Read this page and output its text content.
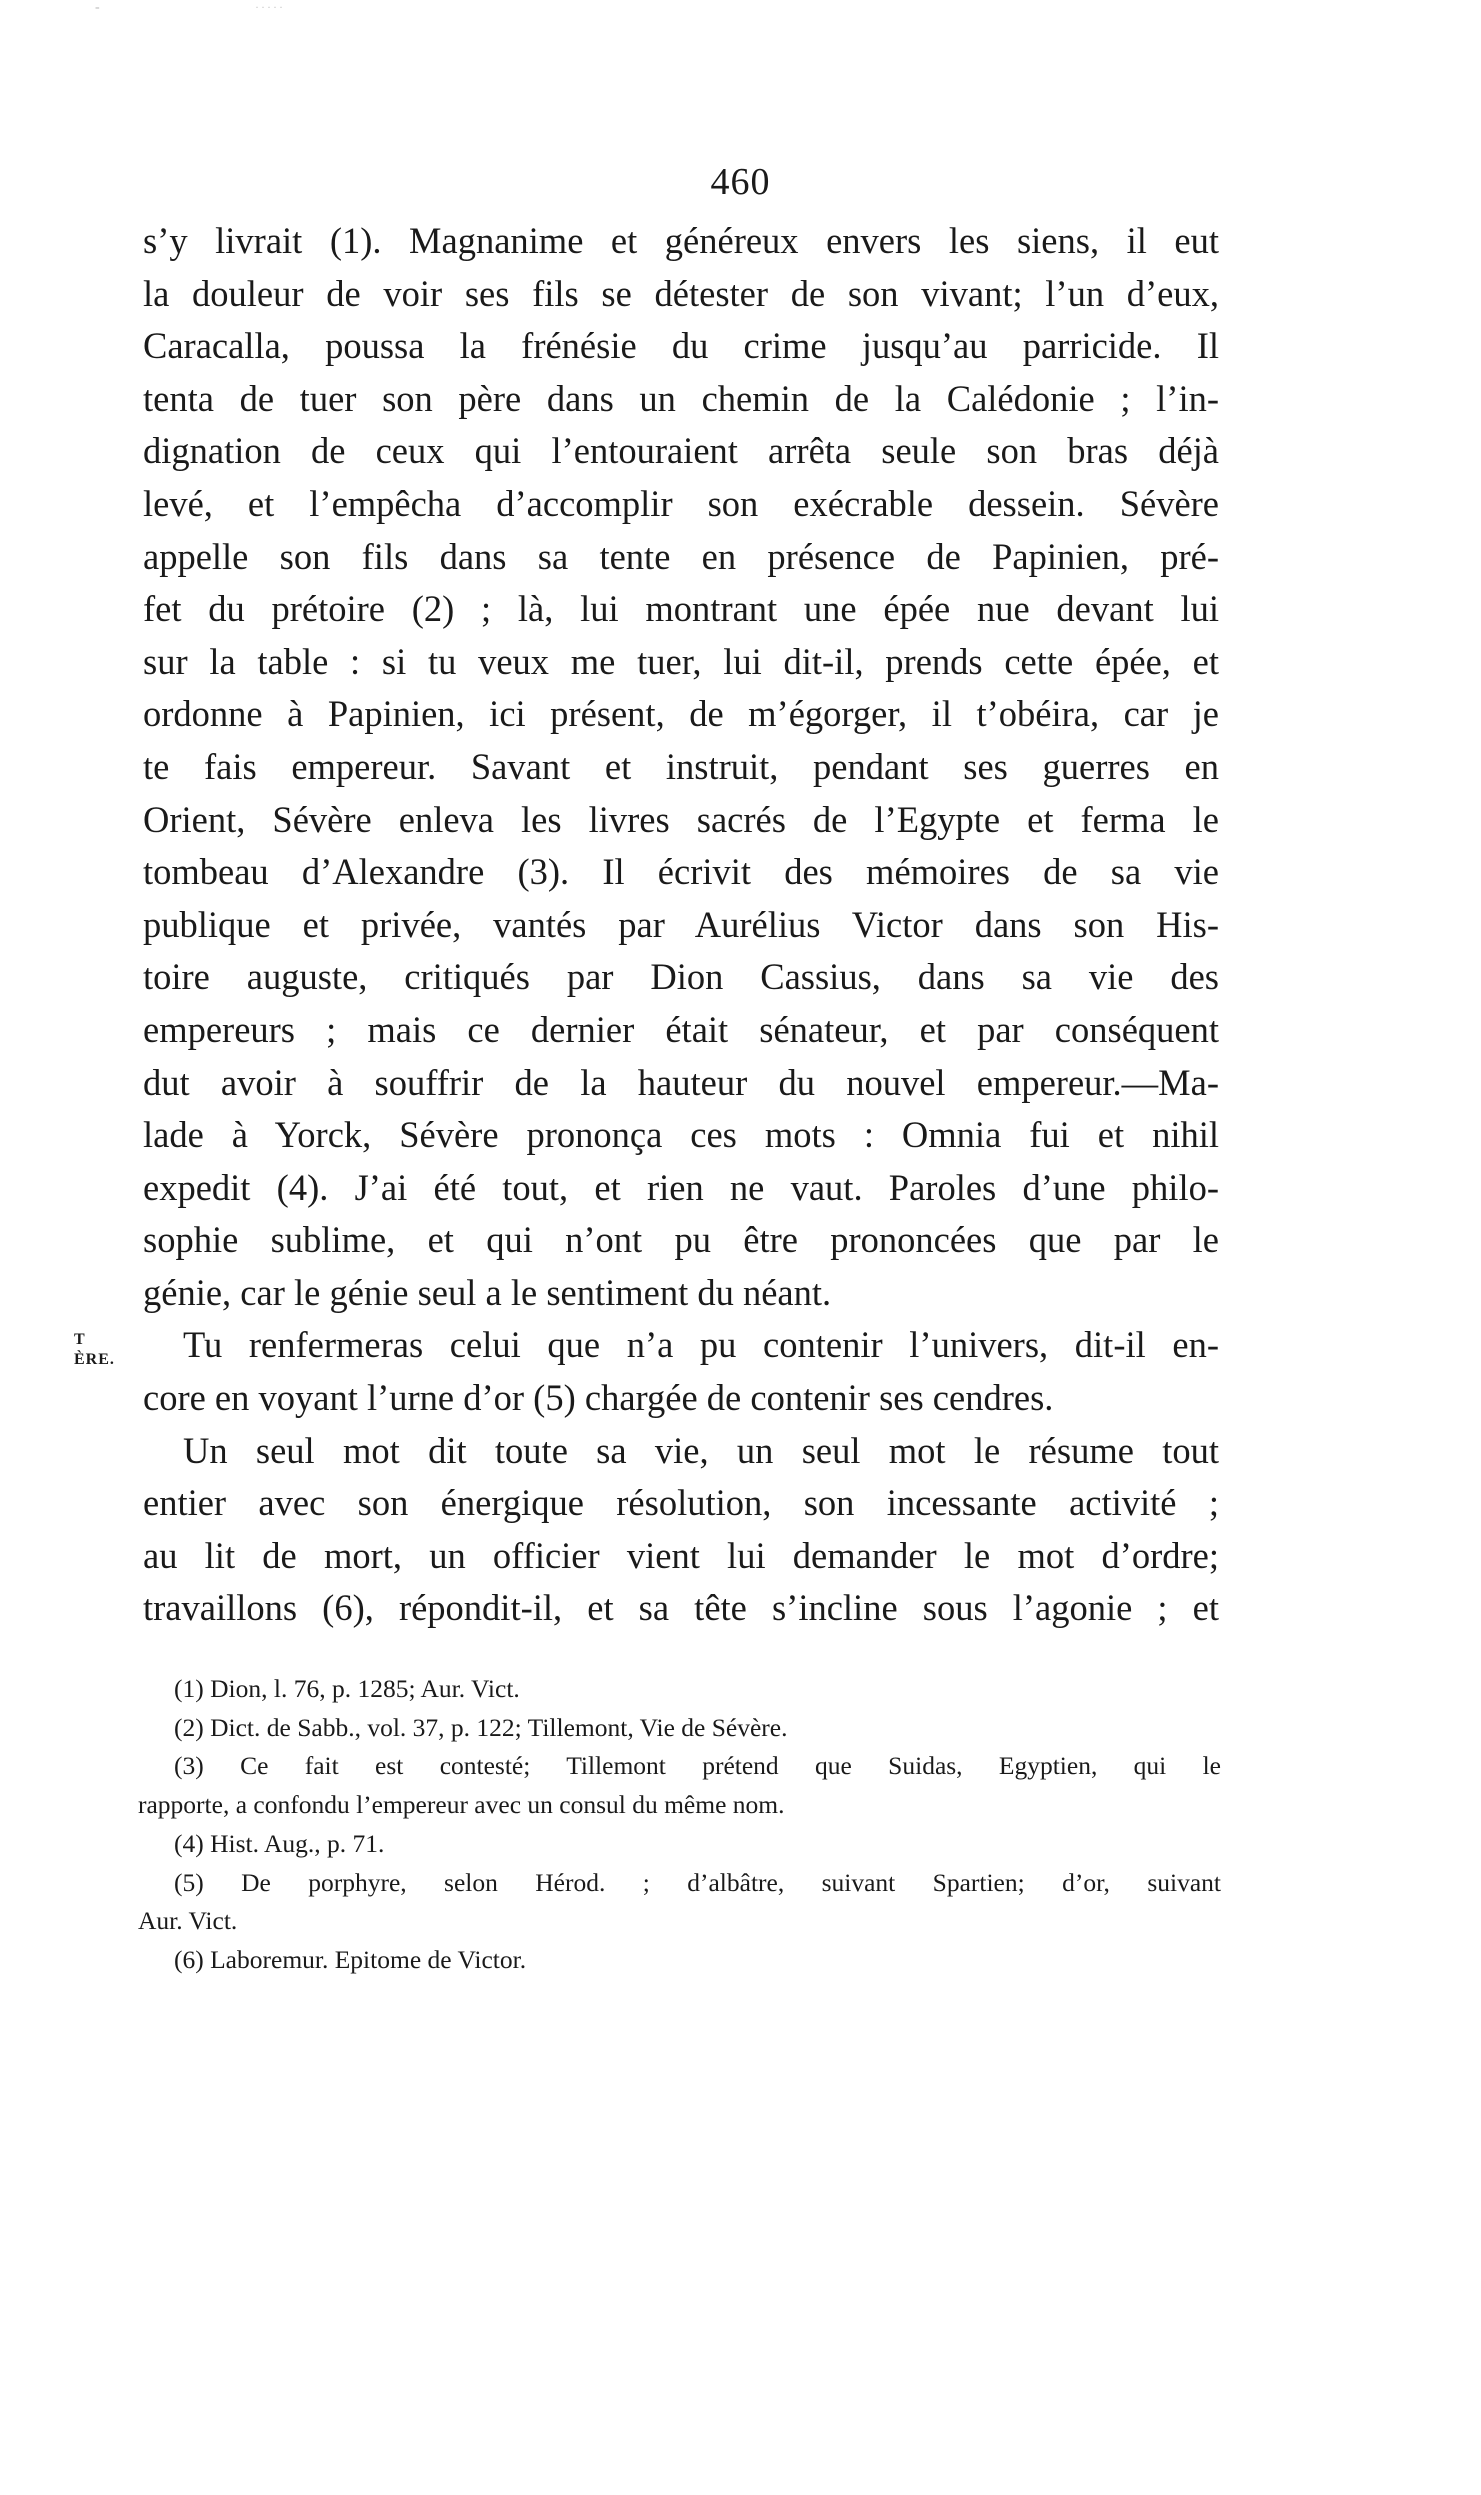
-	·····
460
T
ÈRE.
s’y livrait (1). Magnanime et généreux envers les siens, il eut
la douleur de voir ses fils se détester de son vivant; l’un d’eux,
Caracalla, poussa la frénésie du crime jusqu’au parricide. Il
tenta de tuer son père dans un chemin de la Calédonie ; l’in-
dignation de ceux qui l’entouraient arrêta seule son bras déjà
levé, et l’empêcha d’accomplir son exécrable dessein. Sévère
appelle son fils dans sa tente en présence de Papinien, pré-
fet du prétoire (2) ; là, lui montrant une épée nue devant lui
sur la table : si tu veux me tuer, lui dit-il, prends cette épée, et
ordonne à Papinien, ici présent, de m’égorger, il t’obéira, car je
te fais empereur. Savant et instruit, pendant ses guerres en
Orient, Sévère enleva les livres sacrés de l’Egypte et ferma le
tombeau d’Alexandre (3). Il écrivit des mémoires de sa vie
publique et privée, vantés par Aurélius Victor dans son His-
toire auguste, critiqués par Dion Cassius, dans sa vie des
empereurs ; mais ce dernier était sénateur, et par conséquent
dut avoir à souffrir de la hauteur du nouvel empereur.—Ma-
lade à Yorck, Sévère prononça ces mots : Omnia fui et nihil
expedit (4). J’ai été tout, et rien ne vaut. Paroles d’une philo-
sophie sublime, et qui n’ont pu être prononcées que par le
génie, car le génie seul a le sentiment du néant.
Tu renfermeras celui que n’a pu contenir l’univers, dit-il en-
core en voyant l’urne d’or (5) chargée de contenir ses cendres.
Un seul mot dit toute sa vie, un seul mot le résume tout
entier avec son énergique résolution, son incessante activité ;
au lit de mort, un officier vient lui demander le mot d’ordre;
travaillons (6), répondit-il, et sa tête s’incline sous l’agonie ; et
(1) Dion, l. 76, p. 1285; Aur. Vict.
(2) Dict. de Sabb., vol. 37, p. 122; Tillemont, Vie de Sévère.
(3) Ce fait est contesté; Tillemont prétend que Suidas, Egyptien, qui le
rapporte, a confondu l’empereur avec un consul du même nom.
(4) Hist. Aug., p. 71.
(5) De porphyre, selon Hérod. ; d’albâtre, suivant Spartien; d’or, suivant
Aur. Vict.
(6) Laboremur. Epitome de Victor.
